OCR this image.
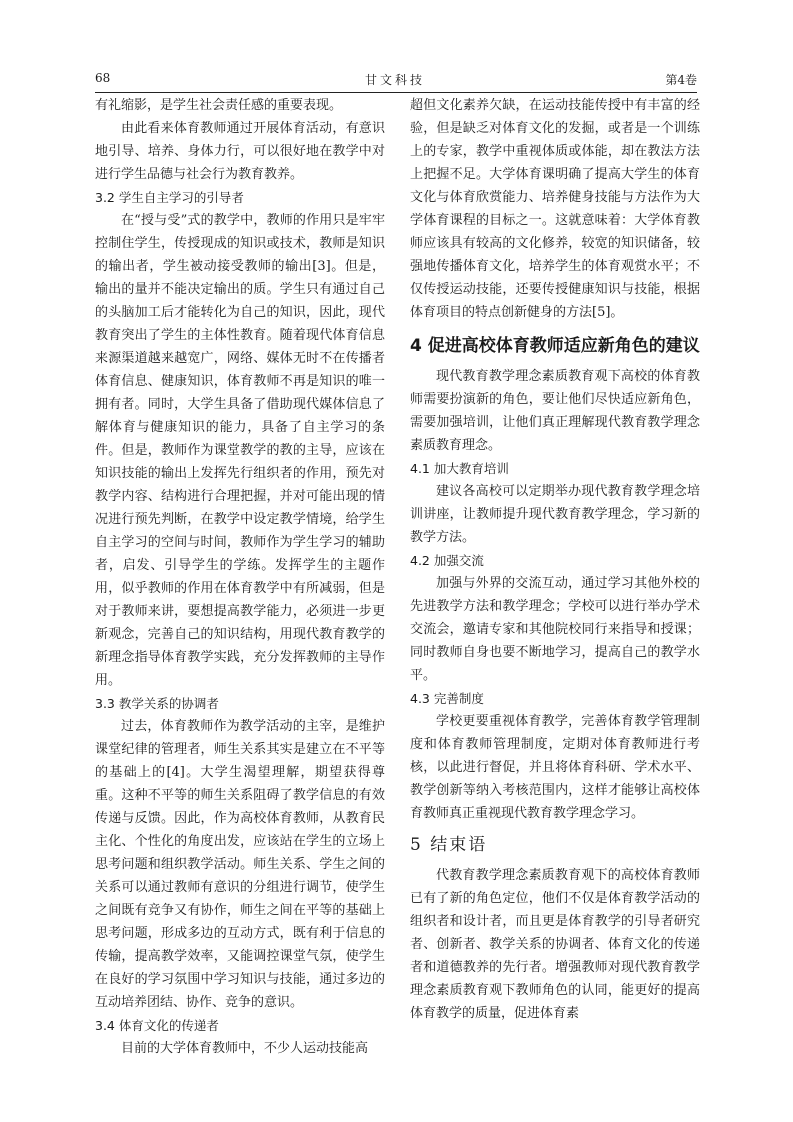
68	甘文科技	第4卷

有礼缩影，是学生社会责任感的重要表现。

由此看来体育教师通过开展体育活动，有意识地引导、培养、身体力行，可以很好地在教学中对进行学生品德与社会行为教育教养。

3.2 学生自主学习的引导者

在“授与受”式的教学中，教师的作用只是牢牢控制住学生，传授现成的知识或技术，教师是知识的输出者，学生被动接受教师的输出[3]。但是，输出的量并不能决定输出的质。学生只有通过自己的头脑加工后才能转化为自己的知识，因此，现代教育突出了学生的主体性教育。随着现代体育信息来源渠道越来越宽广，网络、媒体无时不在传播者体育信息、健康知识，体育教师不再是知识的唯一拥有者。同时，大学生具备了借助现代媒体信息了解体育与健康知识的能力，具备了自主学习的条件。但是，教师作为课堂教学的教的主导，应该在知识技能的输出上发挥先行组织者的作用，预先对教学内容、结构进行合理把握，并对可能出现的情况进行预先判断，在教学中设定教学情境，给学生自主学习的空间与时间，教师作为学生学习的辅助者，启发、引导学生的学练。发挥学生的主题作用，似乎教师的作用在体育教学中有所减弱，但是对于教师来讲，要想提高教学能力，必须进一步更新观念，完善自己的知识结构，用现代教育教学的新理念指导体育教学实践，充分发挥教师的主导作用。

3.3 教学关系的协调者

过去，体育教师作为教学活动的主宰，是维护课堂纪律的管理者，师生关系其实是建立在不平等的基础上的[4]。大学生渴望理解，期望获得尊重。这种不平等的师生关系阻碍了教学信息的有效传递与反馈。因此，作为高校体育教师，从教育民主化、个性化的角度出发，应该站在学生的立场上思考问题和组织教学活动。师生关系、学生之间的关系可以通过教师有意识的分组进行调节，使学生之间既有竞争又有协作，师生之间在平等的基础上思考问题，形成多边的互动方式，既有利于信息的传输，提高教学效率，又能调控课堂气氛，使学生在良好的学习氛围中学习知识与技能，通过多边的互动培养团结、协作、竞争的意识。

3.4 体育文化的传递者

目前的大学体育教师中，不少人运动技能高

超但文化素养欠缺，在运动技能传授中有丰富的经验，但是缺乏对体育文化的发掘，或者是一个训练上的专家，教学中重视体质或体能，却在教法方法上把握不足。大学体育课明确了提高大学生的体育文化与体育欣赏能力、培养健身技能与方法作为大学体育课程的目标之一。这就意味着：大学体育教师应该具有较高的文化修养，较宽的知识储备，较强地传播体育文化，培养学生的体育观赏水平；不仅传授运动技能，还要传授健康知识与技能，根据体育项目的特点创新健身的方法[5]。

4 促进高校体育教师适应新角色的建议

现代教育教学理念素质教育观下高校的体育教师需要扮演新的角色，要让他们尽快适应新角色，需要加强培训，让他们真正理解现代教育教学理念素质教育理念。

4.1 加大教育培训

建议各高校可以定期举办现代教育教学理念培训讲座，让教师提升现代教育教学理念，学习新的教学方法。

4.2 加强交流

加强与外界的交流互动，通过学习其他外校的先进教学方法和教学理念；学校可以进行举办学术交流会，邀请专家和其他院校同行来指导和授课；同时教师自身也要不断地学习，提高自己的教学水平。

4.3 完善制度

学校更要重视体育教学，完善体育教学管理制度和体育教师管理制度，定期对体育教师进行考核，以此进行督促，并且将体育科研、学术水平、教学创新等纳入考核范围内，这样才能够让高校体育教师真正重视现代教育教学理念学习。

5 结束语

代教育教学理念素质教育观下的高校体育教师已有了新的角色定位，他们不仅是体育教学活动的组织者和设计者，而且更是体育教学的引导者研究者、创新者、教学关系的协调者、体育文化的传递者和道德教养的先行者。增强教师对现代教育教学理念素质教育观下教师角色的认同，能更好的提高体育教学的质量，促进体育素
